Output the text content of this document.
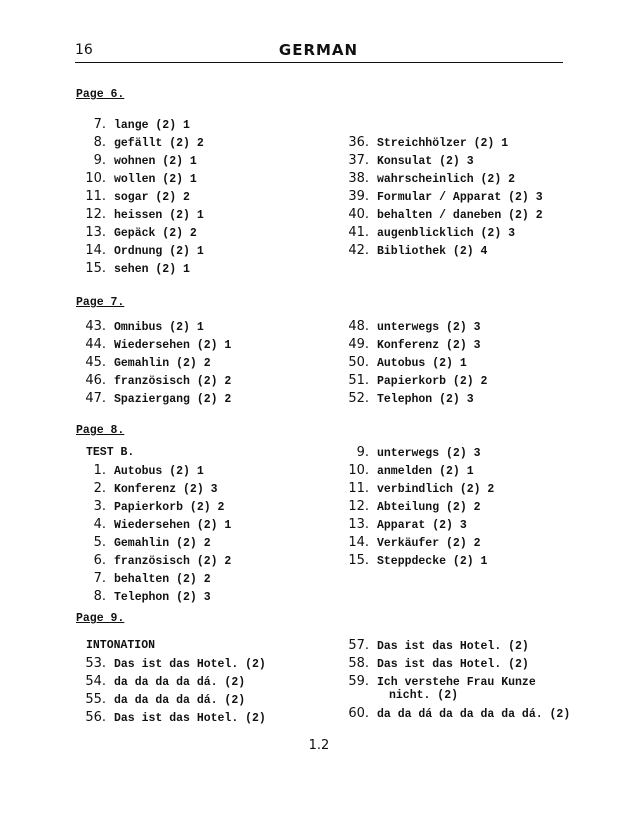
16	GERMAN
Page 6.
7. lange (2) 1
8. gefällt (2) 2
9. wohnen (2) 1
10. wollen (2) 1
11. sogar (2) 2
12. heissen (2) 1
13. Gepäck (2) 2
14. Ordnung (2) 1
15. sehen (2) 1
36. Streichhölzer (2) 1
37. Konsulat (2) 3
38. wahrscheinlich (2) 2
39. Formular / Apparat (2) 3
40. behalten / daneben (2) 2
41. augenblicklich (2) 3
42. Bibliothek (2) 4
Page 7.
43. Omnibus (2) 1
44. Wiedersehen (2) 1
45. Gemahlin (2) 2
46. französisch (2) 2
47. Spaziergang (2) 2
48. unterwegs (2) 3
49. Konferenz (2) 3
50. Autobus (2) 1
51. Papierkorb (2) 2
52. Telephon (2) 3
Page 8.
TEST B.
1. Autobus (2) 1
2. Konferenz (2) 3
3. Papierkorb (2) 2
4. Wiedersehen (2) 1
5. Gemahlin (2) 2
6. französisch (2) 2
7. behalten (2) 2
8. Telephon (2) 3
9. unterwegs (2) 3
10. anmelden (2) 1
11. verbindlich (2) 2
12. Abteilung (2) 2
13. Apparat (2) 3
14. Verkäufer (2) 2
15. Steppdecke (2) 1
Page 9.
INTONATION
53. Das ist das Hotel. (2)
54. da da da da dá. (2)
55. da da da da dá. (2)
56. Das ist das Hotel. (2)
57. Das ist das Hotel. (2)
58. Das ist das Hotel. (2)
59. Ich verstehe Frau Kunze
nicht. (2)
60. da da dá da da da da dá. (2)
1.2
